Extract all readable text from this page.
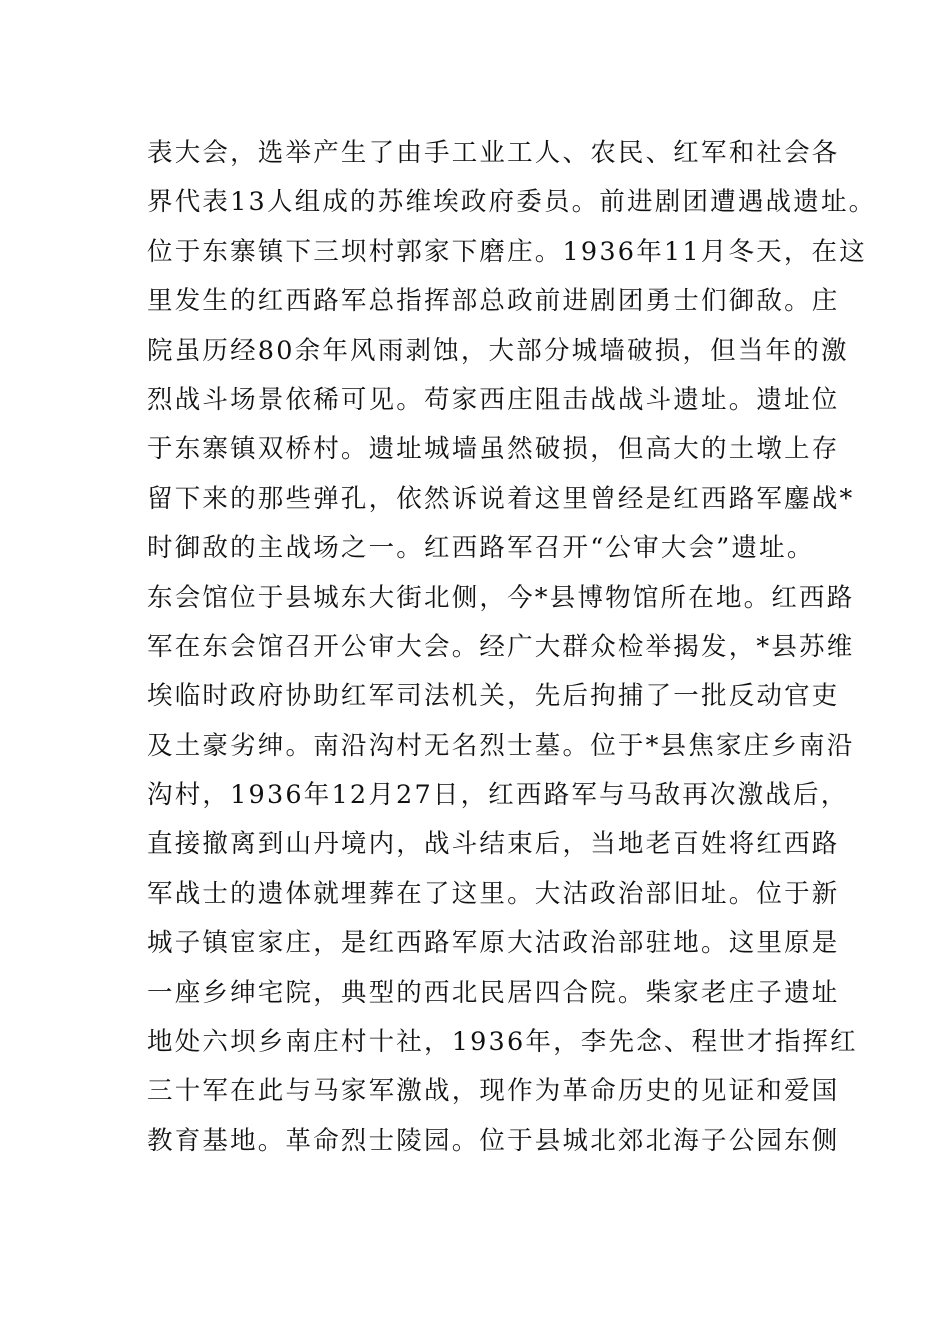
表大会，选举产生了由手工业工人、农民、红军和社会各
界代表13人组成的苏维埃政府委员。前进剧团遭遇战遗址。
位于东寨镇下三坝村郭家下磨庄。1936年11月冬天，在这
里发生的红西路军总指挥部总政前进剧团勇士们御敌。庄
院虽历经80余年风雨剥蚀，大部分城墙破损，但当年的激
烈战斗场景依稀可见。苟家西庄阻击战战斗遗址。遗址位
于东寨镇双桥村。遗址城墙虽然破损，但高大的土墩上存
留下来的那些弹孔，依然诉说着这里曾经是红西路军鏖战*
时御敌的主战场之一。红西路军召开“公审大会”遗址。
东会馆位于县城东大街北侧，今*县博物馆所在地。红西路
军在东会馆召开公审大会。经广大群众检举揭发，*县苏维
埃临时政府协助红军司法机关，先后拘捕了一批反动官吏
及土豪劣绅。南沿沟村无名烈士墓。位于*县焦家庄乡南沿
沟村，1936年12月27日，红西路军与马敌再次激战后，
直接撤离到山丹境内，战斗结束后，当地老百姓将红西路
军战士的遗体就埋葬在了这里。大沽政治部旧址。位于新
城子镇宦家庄，是红西路军原大沽政治部驻地。这里原是
一座乡绅宅院，典型的西北民居四合院。柴家老庄子遗址
地处六坝乡南庄村十社，1936年，李先念、程世才指挥红
三十军在此与马家军激战，现作为革命历史的见证和爱国
教育基地。革命烈士陵园。位于县城北郊北海子公园东侧
